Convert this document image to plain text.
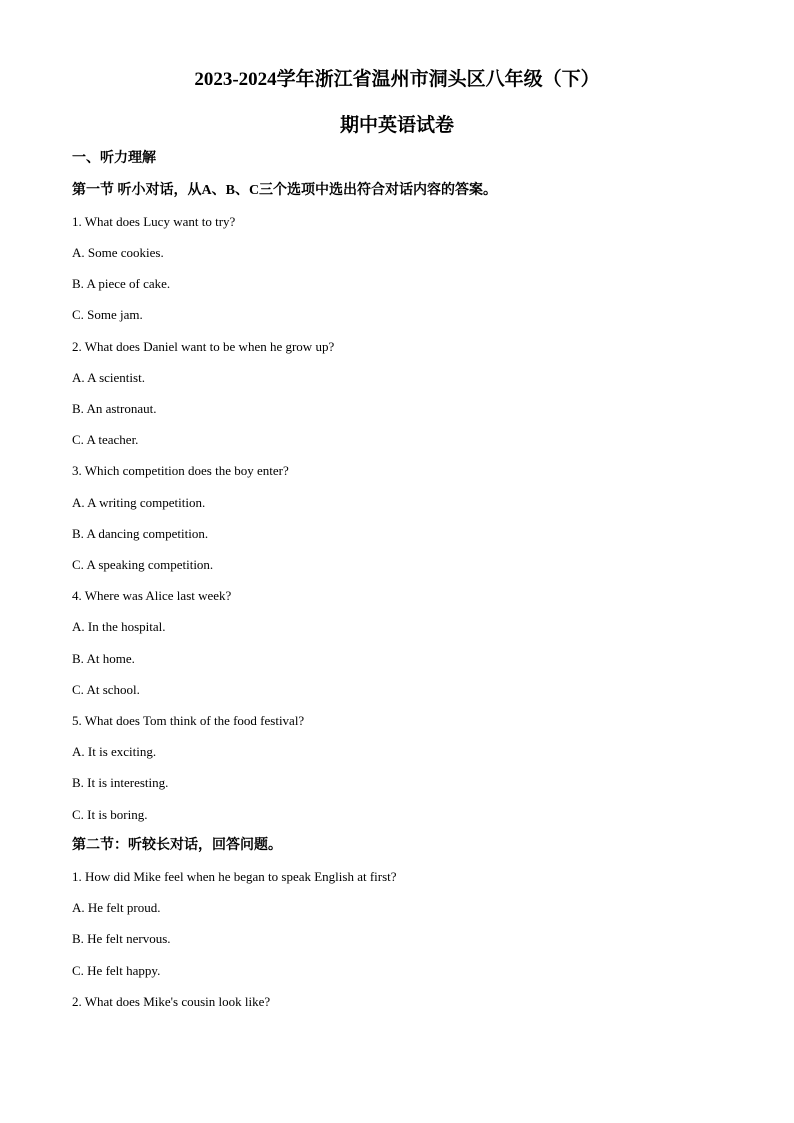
2023-2024学年浙江省温州市洞头区八年级（下）
期中英语试卷
一、听力理解
第一节 听小对话，从A、B、C三个选项中选出符合对话内容的答案。
1. What does Lucy want to try?
A. Some cookies.
B. A piece of cake.
C. Some jam.
2. What does Daniel want to be when he grow up?
A. A scientist.
B. An astronaut.
C. A teacher.
3. Which competition does the boy enter?
A. A writing competition.
B. A dancing competition.
C. A speaking competition.
4. Where was Alice last week?
A. In the hospital.
B. At home.
C. At school.
5. What does Tom think of the food festival?
A. It is exciting.
B. It is interesting.
C. It is boring.
第二节：听较长对话，回答问题。
1. How did Mike feel when he began to speak English at first?
A. He felt proud.
B. He felt nervous.
C. He felt happy.
2. What does Mike's cousin look like?
